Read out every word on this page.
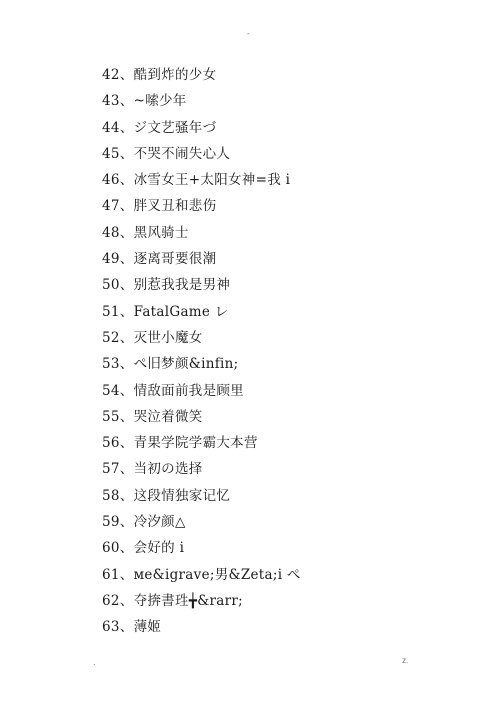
-
42、酷到炸的少女
43、~嗦少年
44、ジ文艺骚年づ
45、不哭不闹失心人
46、冰雪女王+太阳女神=我 i
47、胖叉丑和悲伤
48、黑风骑士
49、逐离哥要很潮
50、别惹我我是男神
51、FatalGame レ
52、灭世小魔女
53、ぺ旧梦颜&infin;
54、情敌面前我是顾里
55、哭泣着微笑
56、青果学院学霸大本营
57、当初の选择
58、这段情独家记忆
59、冷汐颜△
60、会好的 i
61、мe&igrave;男&Zeta;i ぺ
62、夺捹書珄╈&rarr;
63、薄姬
.	z.
